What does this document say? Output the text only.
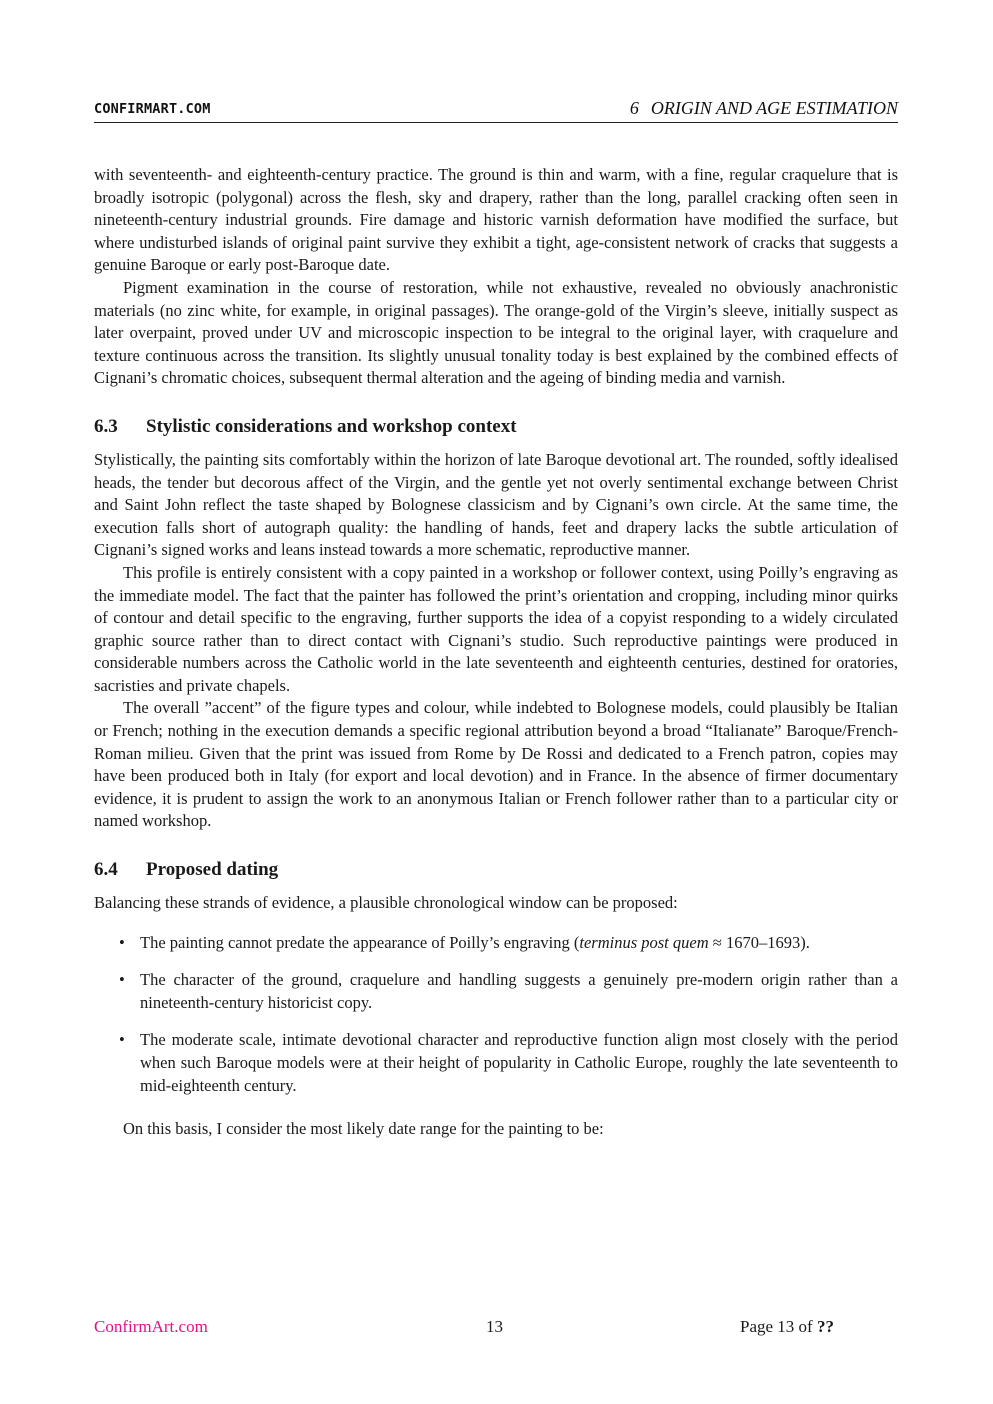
CONFIRMART.COM	6 ORIGIN AND AGE ESTIMATION

with seventeenth- and eighteenth-century practice. The ground is thin and warm, with a fine, regular craquelure that is broadly isotropic (polygonal) across the flesh, sky and drapery, rather than the long, parallel cracking often seen in nineteenth-century industrial grounds. Fire damage and historic varnish deformation have modified the surface, but where undisturbed islands of original paint survive they exhibit a tight, age-consistent network of cracks that suggests a genuine Baroque or early post-Baroque date.

Pigment examination in the course of restoration, while not exhaustive, revealed no obviously anachronistic materials (no zinc white, for example, in original passages). The orange-gold of the Virgin’s sleeve, initially suspect as later overpaint, proved under UV and microscopic inspection to be integral to the original layer, with craquelure and texture continuous across the transition. Its slightly unusual tonality today is best explained by the combined effects of Cignani’s chromatic choices, subsequent thermal alteration and the ageing of binding media and varnish.

6.3 Stylistic considerations and workshop context

Stylistically, the painting sits comfortably within the horizon of late Baroque devotional art. The rounded, softly idealised heads, the tender but decorous affect of the Virgin, and the gentle yet not overly sentimental exchange between Christ and Saint John reflect the taste shaped by Bolognese classicism and by Cignani’s own circle. At the same time, the execution falls short of autograph quality: the handling of hands, feet and drapery lacks the subtle articulation of Cignani’s signed works and leans instead towards a more schematic, reproductive manner.

This profile is entirely consistent with a copy painted in a workshop or follower context, using Poilly’s engraving as the immediate model. The fact that the painter has followed the print’s orientation and cropping, including minor quirks of contour and detail specific to the engraving, further supports the idea of a copyist responding to a widely circulated graphic source rather than to direct contact with Cignani’s studio. Such reproductive paintings were produced in considerable numbers across the Catholic world in the late seventeenth and eighteenth centuries, destined for oratories, sacristies and private chapels.

The overall ”accent” of the figure types and colour, while indebted to Bolognese models, could plausibly be Italian or French; nothing in the execution demands a specific regional attribution beyond a broad “Italianate” Baroque/French-Roman milieu. Given that the print was issued from Rome by De Rossi and dedicated to a French patron, copies may have been produced both in Italy (for export and local devotion) and in France. In the absence of firmer documentary evidence, it is prudent to assign the work to an anonymous Italian or French follower rather than to a particular city or named workshop.

6.4 Proposed dating

Balancing these strands of evidence, a plausible chronological window can be proposed:

• The painting cannot predate the appearance of Poilly’s engraving (terminus post quem ≈ 1670–1693).
• The character of the ground, craquelure and handling suggests a genuinely pre-modern origin rather than a nineteenth-century historicist copy.
• The moderate scale, intimate devotional character and reproductive function align most closely with the period when such Baroque models were at their height of popularity in Catholic Europe, roughly the late seventeenth to mid-eighteenth century.

On this basis, I consider the most likely date range for the painting to be:

ConfirmArt.com	13	Page 13 of ??
